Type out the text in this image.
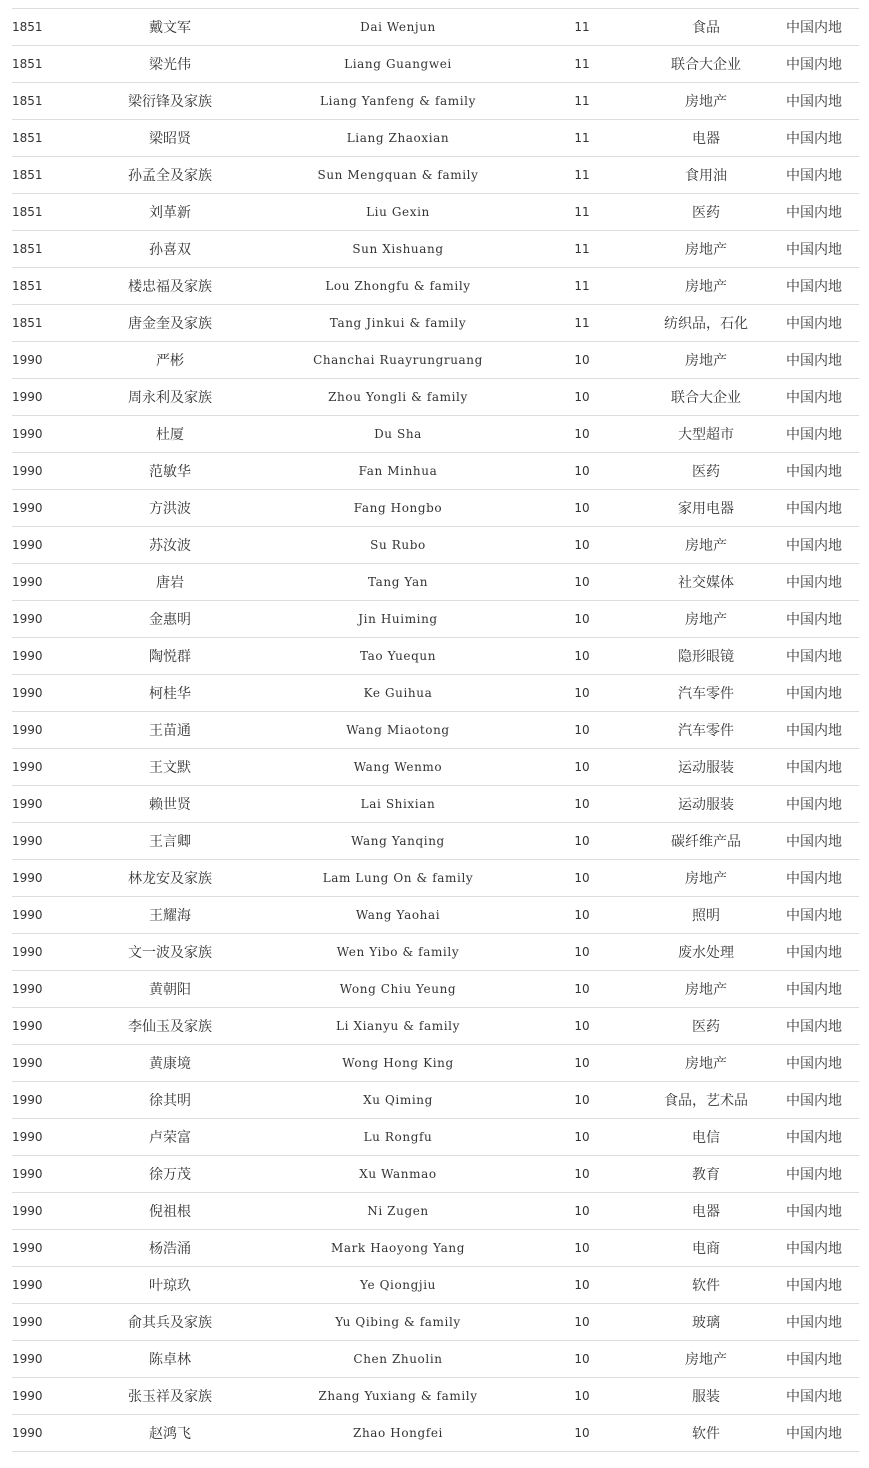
1851	戴文军	Dai Wenjun	11	食品	中国内地
1851	梁光伟	Liang Guangwei	11	联合大企业	中国内地
1851	梁衍锋及家族	Liang Yanfeng & family	11	房地产	中国内地
1851	梁昭贤	Liang Zhaoxian	11	电器	中国内地
1851	孙孟全及家族	Sun Mengquan & family	11	食用油	中国内地
1851	刘革新	Liu Gexin	11	医药	中国内地
1851	孙喜双	Sun Xishuang	11	房地产	中国内地
1851	楼忠福及家族	Lou Zhongfu & family	11	房地产	中国内地
1851	唐金奎及家族	Tang Jinkui & family	11	纺织品，石化	中国内地
1990	严彬	Chanchai Ruayrungruang	10	房地产	中国内地
1990	周永利及家族	Zhou Yongli & family	10	联合大企业	中国内地
1990	杜厦	Du Sha	10	大型超市	中国内地
1990	范敏华	Fan Minhua	10	医药	中国内地
1990	方洪波	Fang Hongbo	10	家用电器	中国内地
1990	苏汝波	Su Rubo	10	房地产	中国内地
1990	唐岩	Tang Yan	10	社交媒体	中国内地
1990	金惠明	Jin Huiming	10	房地产	中国内地
1990	陶悦群	Tao Yuequn	10	隐形眼镜	中国内地
1990	柯桂华	Ke Guihua	10	汽车零件	中国内地
1990	王苗通	Wang Miaotong	10	汽车零件	中国内地
1990	王文默	Wang Wenmo	10	运动服装	中国内地
1990	赖世贤	Lai Shixian	10	运动服装	中国内地
1990	王言卿	Wang Yanqing	10	碳纤维产品	中国内地
1990	林龙安及家族	Lam Lung On & family	10	房地产	中国内地
1990	王耀海	Wang Yaohai	10	照明	中国内地
1990	文一波及家族	Wen Yibo & family	10	废水处理	中国内地
1990	黄朝阳	Wong Chiu Yeung	10	房地产	中国内地
1990	李仙玉及家族	Li Xianyu & family	10	医药	中国内地
1990	黄康境	Wong Hong King	10	房地产	中国内地
1990	徐其明	Xu Qiming	10	食品，艺术品	中国内地
1990	卢荣富	Lu Rongfu	10	电信	中国内地
1990	徐万茂	Xu Wanmao	10	教育	中国内地
1990	倪祖根	Ni Zugen	10	电器	中国内地
1990	杨浩涌	Mark Haoyong Yang	10	电商	中国内地
1990	叶琼玖	Ye Qiongjiu	10	软件	中国内地
1990	俞其兵及家族	Yu Qibing & family	10	玻璃	中国内地
1990	陈卓林	Chen Zhuolin	10	房地产	中国内地
1990	张玉祥及家族	Zhang Yuxiang & family	10	服装	中国内地
1990	赵鸿飞	Zhao Hongfei	10	软件	中国内地
